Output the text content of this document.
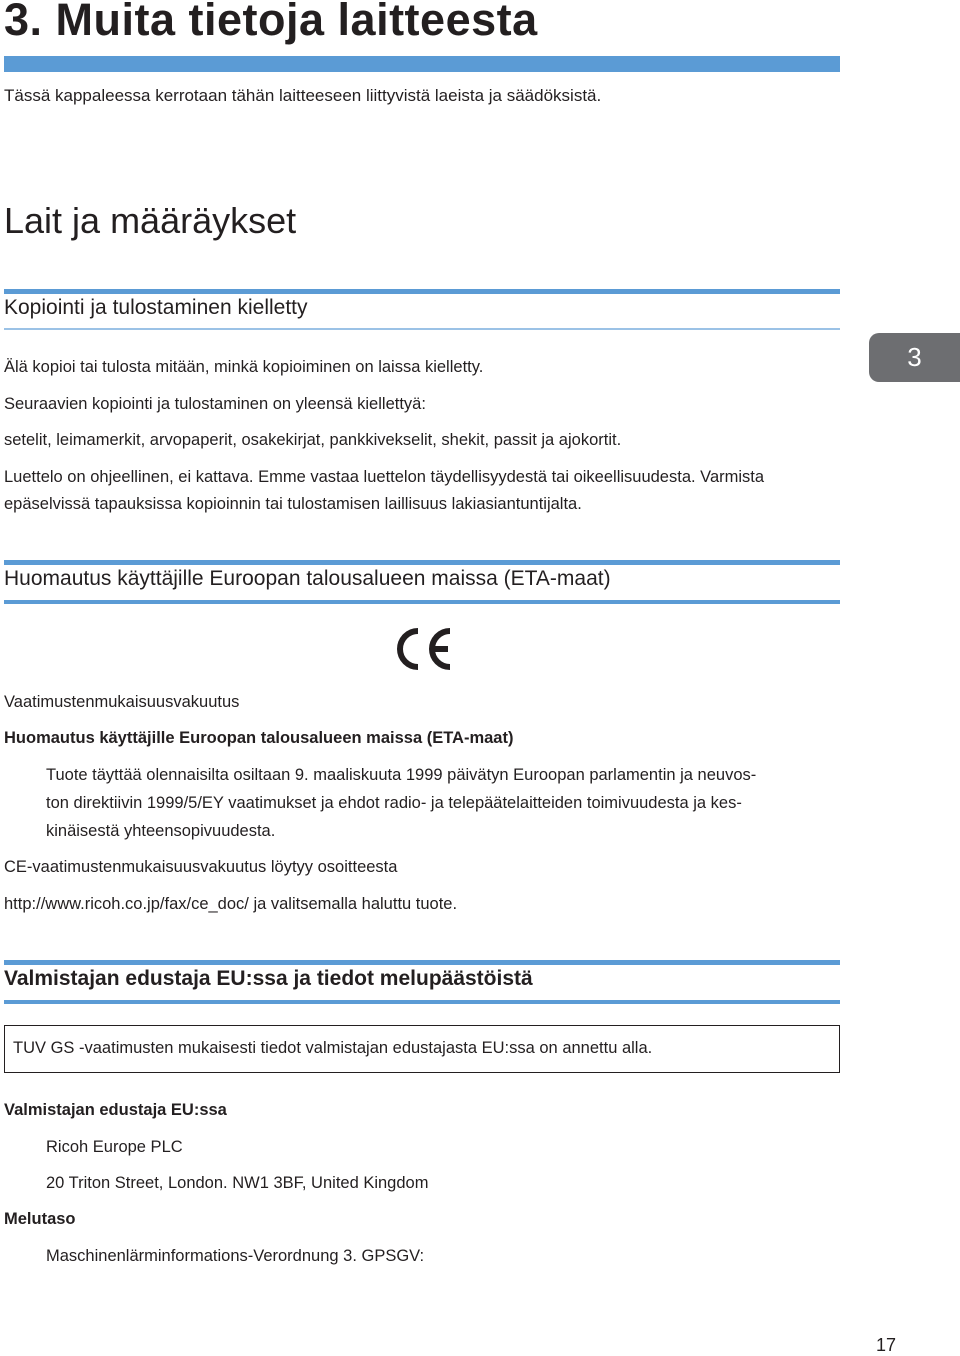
3. Muita tietoja laitteesta
Tässä kappaleessa kerrotaan tähän laitteeseen liittyvistä laeista ja säädöksistä.
Lait ja määräykset
Kopiointi ja tulostaminen kielletty
Älä kopioi tai tulosta mitään, minkä kopioiminen on laissa kielletty.
Seuraavien kopiointi ja tulostaminen on yleensä kiellettyä:
setelit, leimamerkit, arvopaperit, osakekirjat, pankkivekselit, shekit, passit ja ajokortit.
Luettelo on ohjeellinen, ei kattava. Emme vastaa luettelon täydellisyydestä tai oikeellisuudesta. Varmista
epäselvissä tapauksissa kopioinnin tai tulostamisen laillisuus lakiasiantuntijalta.
3
Huomautus käyttäjille Euroopan talousalueen maissa (ETA-maat)
Vaatimustenmukaisuusvakuutus
Huomautus käyttäjille Euroopan talousalueen maissa (ETA-maat)
Tuote täyttää olennaisilta osiltaan 9. maaliskuuta 1999 päivätyn Euroopan parlamentin ja neuvos-
ton direktiivin 1999/5/EY vaatimukset ja ehdot radio- ja telepäätelaitteiden toimivuudesta ja kes-
kinäisestä yhteensopivuudesta.
CE-vaatimustenmukaisuusvakuutus löytyy osoitteesta
http://www.ricoh.co.jp/fax/ce_doc/ ja valitsemalla haluttu tuote.
Valmistajan edustaja EU:ssa ja tiedot melupäästöistä
TUV GS -vaatimusten mukaisesti tiedot valmistajan edustajasta EU:ssa on annettu alla.
Valmistajan edustaja EU:ssa
Ricoh Europe PLC
20 Triton Street, London. NW1 3BF, United Kingdom
Melutaso
Maschinenlärminformations-Verordnung 3. GPSGV:
17
